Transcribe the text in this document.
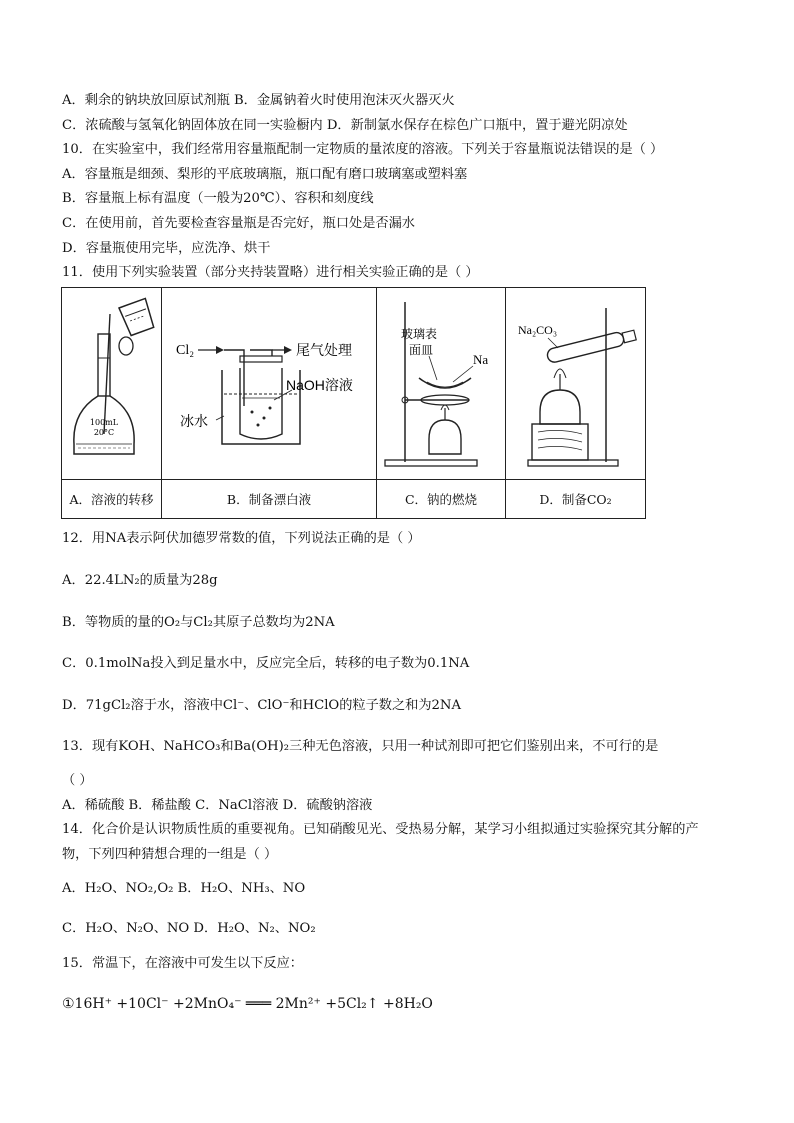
A．剩余的钠块放回原试剂瓶 B．金属钠着火时使用泡沫灭火器灭火
C．浓硫酸与氢氧化钠固体放在同一实验橱内 D．新制氯水保存在棕色广口瓶中，置于避光阴凉处
10．在实验室中，我们经常用容量瓶配制一定物质的量浓度的溶液。下列关于容量瓶说法错误的是（ ）
A．容量瓶是细颈、梨形的平底玻璃瓶，瓶口配有磨口玻璃塞或塑料塞
B．容量瓶上标有温度（一般为20℃）、容积和刻度线
C．在使用前，首先要检查容量瓶是否完好，瓶口处是否漏水
D．容量瓶使用完毕，应洗净、烘干
11．使用下列实验装置（部分夹持装置略）进行相关实验正确的是（ ）
100mL
20°C	Cl₂ 尾气处理
NaOH溶液
冰水	玻璃表
面皿
Na	Na₂CO₃

A．溶液的转移	B．制备漂白液	C．钠的燃烧	D．制备CO₂
12．用NA表示阿伏加德罗常数的值，下列说法正确的是（ ）
A．22.4LN₂的质量为28g
B．等物质的量的O₂与Cl₂其原子总数均为2NA
C．0.1molNa投入到足量水中，反应完全后，转移的电子数为0.1NA
D．71gCl₂溶于水，溶液中Cl⁻、ClO⁻和HClO的粒子数之和为2NA
13．现有KOH、NaHCO₃和Ba(OH)₂三种无色溶液，只用一种试剂即可把它们鉴别出来，不可行的是
（ ）
A．稀硫酸 B．稀盐酸 C．NaCl溶液 D．硫酸钠溶液
14．化合价是认识物质性质的重要视角。已知硝酸见光、受热易分解，某学习小组拟通过实验探究其分解的产
物，下列四种猜想合理的一组是（ ）
A．H₂O、NO₂,O₂ B．H₂O、NH₃、NO
C．H₂O、N₂O、NO D．H₂O、N₂、NO₂
15．常温下，在溶液中可发生以下反应：
①16H⁺ +10Cl⁻ +2MnO₄⁻ ═══ 2Mn²⁺ +5Cl₂↑ +8H₂O
